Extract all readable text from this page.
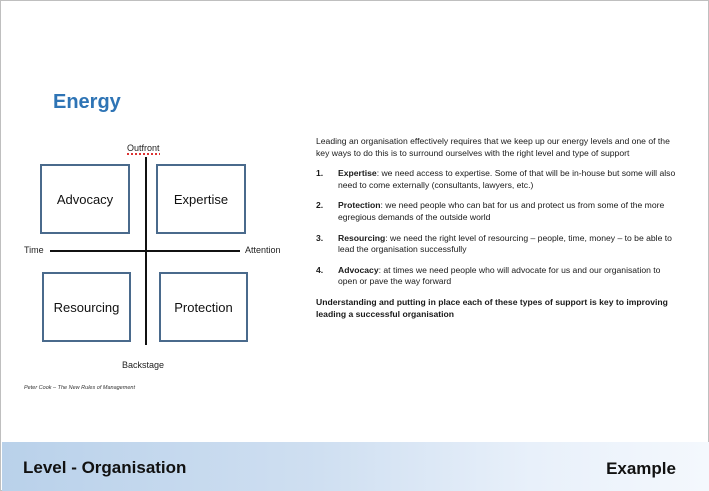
Energy
Outfront
Backstage
Time	Attention
Advocacy	Expertise
Resourcing	Protection
Peter Cook – The New Rules of Management

Leading an organisation effectively requires that we keep up our energy levels and one of the key ways to do this is to surround ourselves with the right level and type of support

1. Expertise: we need access to expertise. Some of that will be in-house but some will also need to come externally (consultants, lawyers, etc.)
2. Protection: we need people who can bat for us and protect us from some of the more egregious demands of the outside world
3. Resourcing: we need the right level of resourcing – people, time, money – to be able to lead the organisation successfully
4. Advocacy: at times we need people who will advocate for us and our organisation to open or pave the way forward

Understanding and putting in place each of these types of support is key to improving leading a successful organisation

Level - Organisation	Example
